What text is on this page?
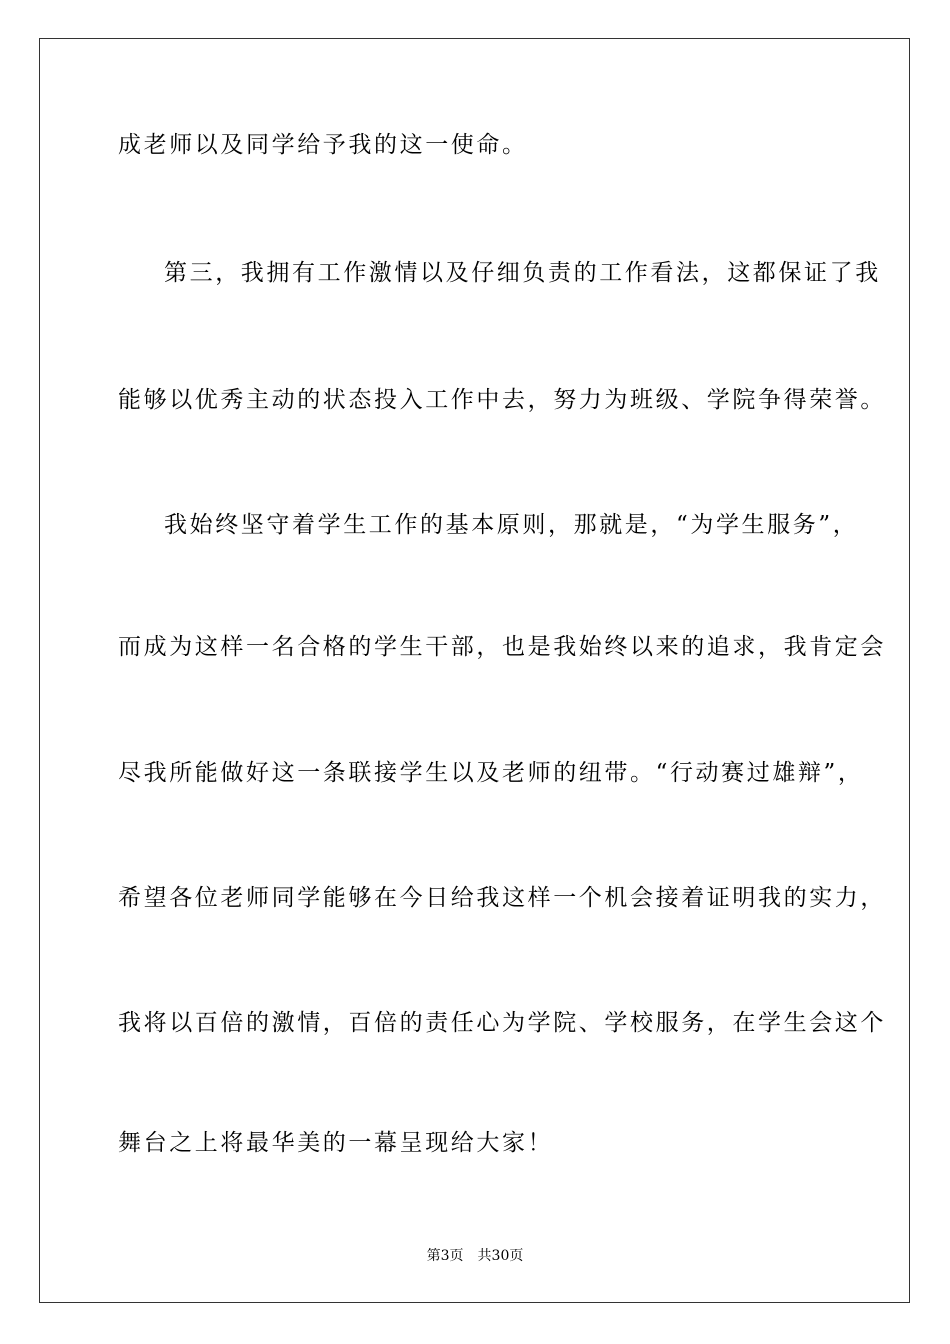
成老师以及同学给予我的这一使命。
第三，我拥有工作激情以及仔细负责的工作看法，这都保证了我
能够以优秀主动的状态投入工作中去，努力为班级、学院争得荣誉。
我始终坚守着学生工作的基本原则，那就是，“为学生服务”，
而成为这样一名合格的学生干部，也是我始终以来的追求，我肯定会
尽我所能做好这一条联接学生以及老师的纽带。“行动赛过雄辩”，
希望各位老师同学能够在今日给我这样一个机会接着证明我的实力，
我将以百倍的激情，百倍的责任心为学院、学校服务，在学生会这个
舞台之上将最华美的一幕呈现给大家！
第3页 共30页
